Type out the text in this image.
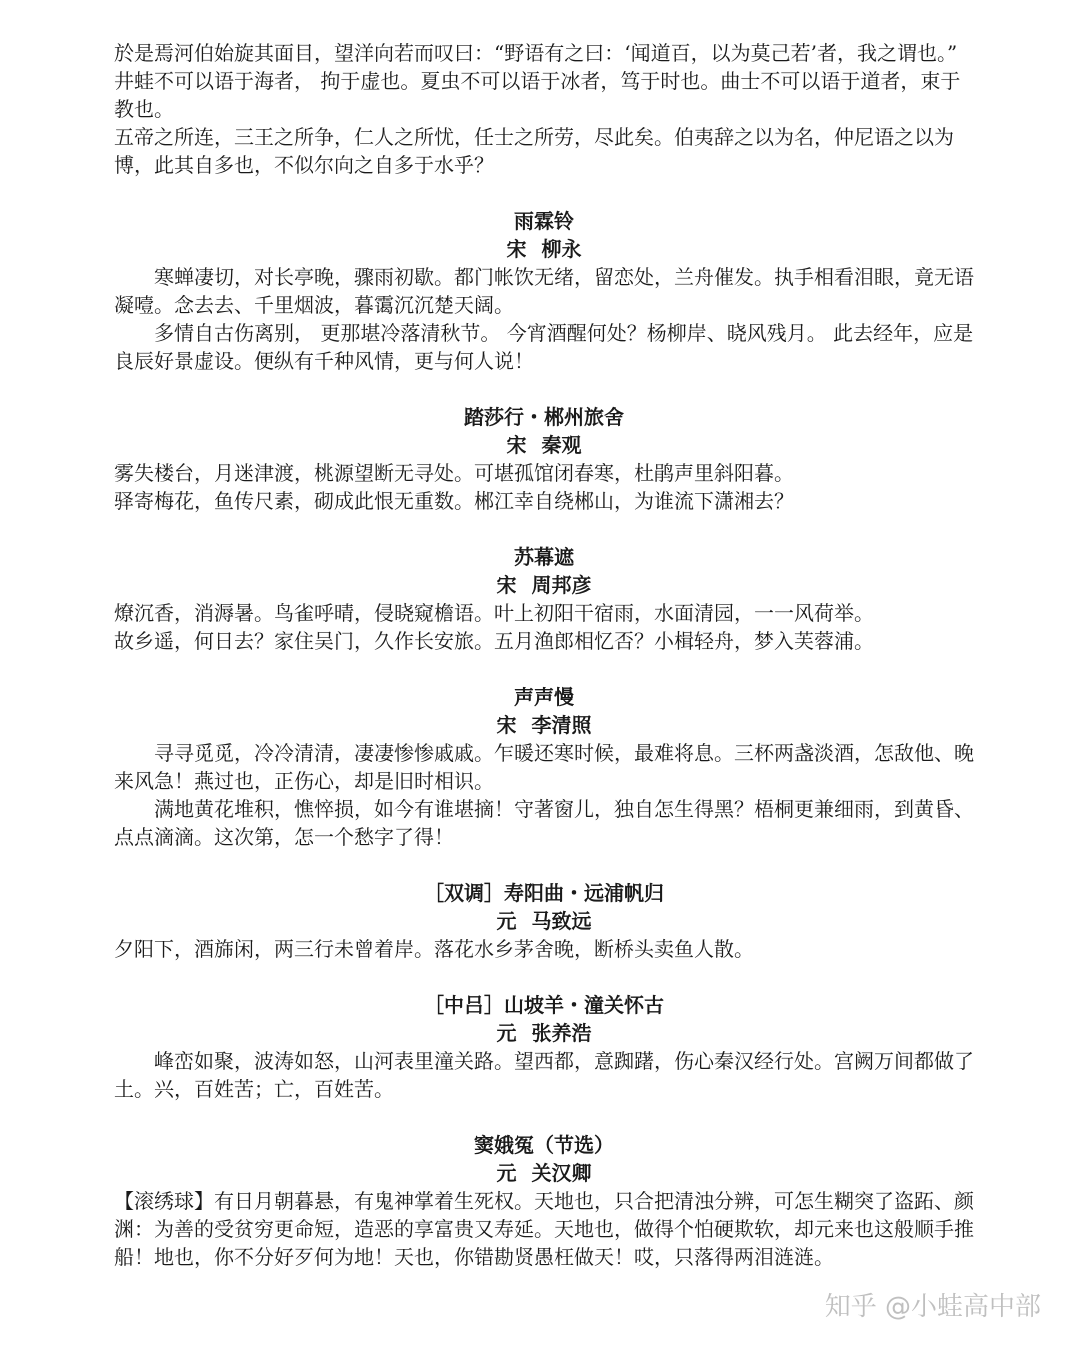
於是焉河伯始旋其面目，望洋向若而叹曰：“野语有之曰：‘闻道百，以为莫己若’者，我之谓也。”

井蛙不可以语于海者， 拘于虚也。夏虫不可以语于冰者，笃于时也。曲士不可以语于道者，束于教也。

五帝之所连，三王之所争，仁人之所忧，任士之所劳，尽此矣。伯夷辞之以为名，仲尼语之以为博，此其自多也，不似尔向之自多于水乎？

雨霖铃
宋 柳永

寒蝉凄切，对长亭晚，骤雨初歇。都门帐饮无绪，留恋处，兰舟催发。执手相看泪眼，竟无语凝噎。念去去、千里烟波，暮霭沉沉楚天阔。

多情自古伤离别， 更那堪冷落清秋节。 今宵酒醒何处？杨柳岸、晓风残月。 此去经年，应是良辰好景虚设。便纵有千种风情，更与何人说！

踏莎行・郴州旅舍
宋 秦观

雾失楼台，月迷津渡，桃源望断无寻处。可堪孤馆闭春寒，杜鹃声里斜阳暮。

驿寄梅花，鱼传尺素，砌成此恨无重数。郴江幸自绕郴山，为谁流下潇湘去？

苏幕遮
宋 周邦彦

燎沉香，消溽暑。鸟雀呼晴，侵晓窥檐语。叶上初阳干宿雨，水面清园，一一风荷举。

故乡遥，何日去？家住吴门，久作长安旅。五月渔郎相忆否？小楫轻舟，梦入芙蓉浦。

声声慢
宋 李清照

寻寻觅觅，冷冷清清，凄凄惨惨戚戚。乍暖还寒时候，最难将息。三杯两盏淡酒，怎敌他、晚来风急！燕过也，正伤心，却是旧时相识。

满地黄花堆积，憔悴损，如今有谁堪摘！守著窗儿，独自怎生得黑？梧桐更兼细雨，到黄昏、点点滴滴。这次第，怎一个愁字了得！

［双调］寿阳曲・远浦帆归
元 马致远

夕阳下，酒旆闲，两三行未曾着岸。落花水乡茅舍晚，断桥头卖鱼人散。

［中吕］山坡羊・潼关怀古
元 张养浩

峰峦如聚，波涛如怒，山河表里潼关路。望西都，意踟躇，伤心秦汉经行处。宫阙万间都做了土。兴，百姓苦；亡，百姓苦。

窦娥冤（节选）
元 关汉卿

【滚绣球】有日月朝暮悬，有鬼神掌着生死权。天地也，只合把清浊分辨，可怎生糊突了盗跖、颜渊：为善的受贫穷更命短，造恶的享富贵又寿延。天地也，做得个怕硬欺软，却元来也这般顺手推船！地也，你不分好歹何为地！天也，你错勘贤愚枉做天！哎，只落得两泪涟涟。

知乎 @小蛙高中部
